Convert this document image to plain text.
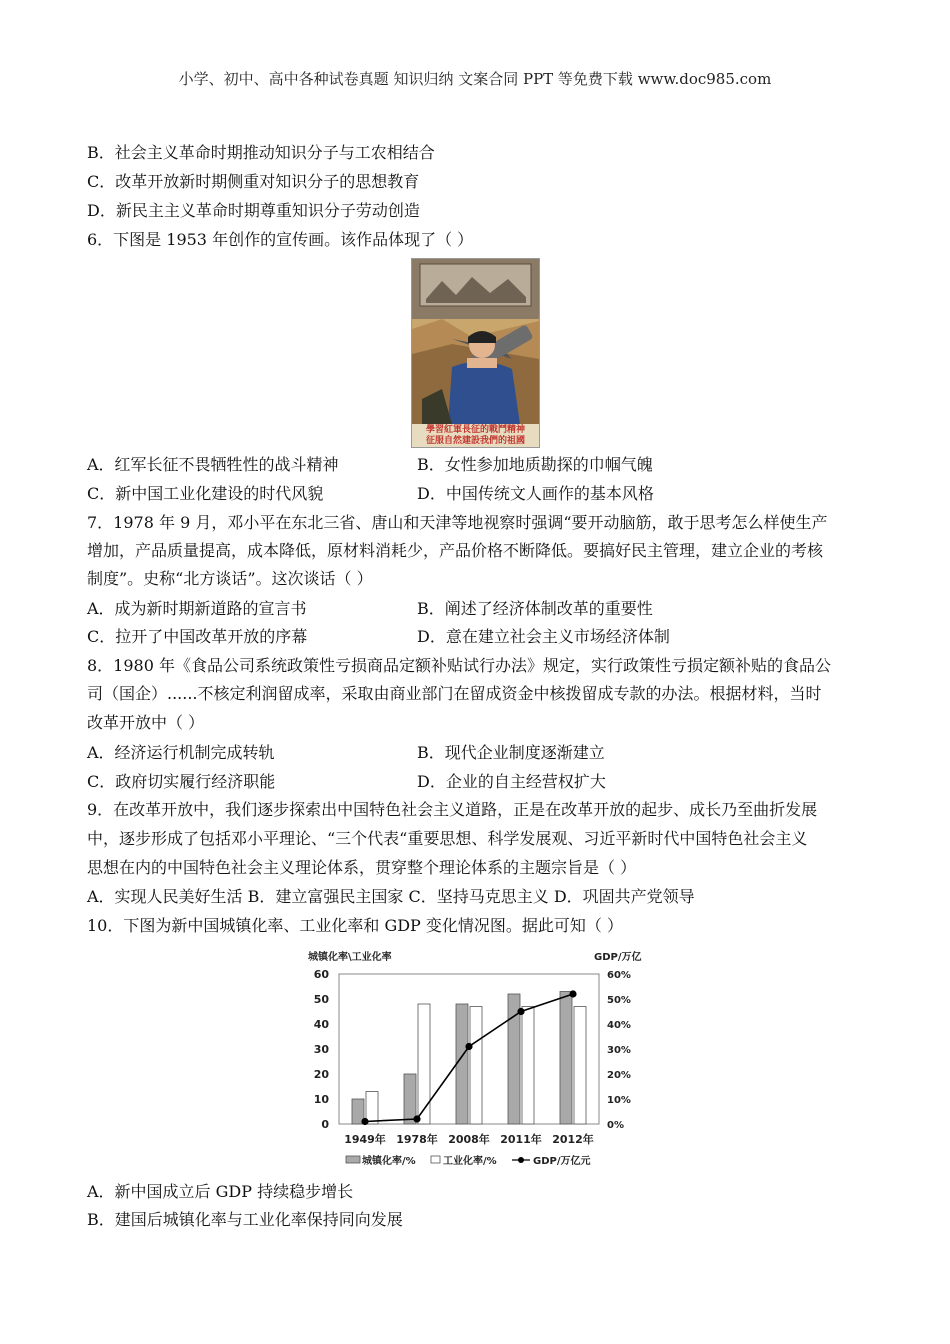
小学、初中、高中各种试卷真题 知识归纳 文案合同 PPT 等免费下载 www.doc985.com
B．社会主义革命时期推动知识分子与工农相结合
C．改革开放新时期侧重对知识分子的思想教育
D．新民主主义革命时期尊重知识分子劳动创造
6．下图是 1953 年创作的宣传画。该作品体现了（ ）
學習紅軍長征的戰鬥精神
征服自然建設我們的祖國
A．红军长征不畏牺牲性的战斗精神	B．女性参加地质勘探的巾帼气魄
C．新中国工业化建设的时代风貌	D．中国传统文人画作的基本风格
7．1978 年 9 月，邓小平在东北三省、唐山和天津等地视察时强调“要开动脑筋，敢于思考怎么样使生产
增加，产品质量提高，成本降低，原材料消耗少，产品价格不断降低。要搞好民主管理，建立企业的考核
制度”。史称“北方谈话”。这次谈话（ ）
A．成为新时期新道路的宣言书	B．阐述了经济体制改革的重要性
C．拉开了中国改革开放的序幕	D．意在建立社会主义市场经济体制
8．1980 年《食品公司系统政策性亏损商品定额补贴试行办法》规定，实行政策性亏损定额补贴的食品公
司（国企）......不核定利润留成率，采取由商业部门在留成资金中核拨留成专款的办法。根据材料，当时
改革开放中（ ）
A．经济运行机制完成转轨	B．现代企业制度逐渐建立
C．政府切实履行经济职能	D．企业的自主经营权扩大
9．在改革开放中，我们逐步探索出中国特色社会主义道路，正是在改革开放的起步、成长乃至曲折发展
中，逐步形成了包括邓小平理论、“三个代表“重要思想、科学发展观、习近平新时代中国特色社会主义
思想在内的中国特色社会主义理论体系，贯穿整个理论体系的主题宗旨是（ ）
A．实现人民美好生活 B．建立富强民主国家 C．坚持马克思主义 D．巩固共产党领导
10．下图为新中国城镇化率、工业化率和 GDP 变化情况图。据此可知（ ）
城镇化率\工业化率	GDP/万亿
0
10
20
30
40
50
60
0%
10%
20%
30%
40%
50%
60%
1949年 1978年 2008年 2011年 2012年
城镇化率/%	工业化率/%	GDP/万亿元
A．新中国成立后 GDP 持续稳步增长
B．建国后城镇化率与工业化率保持同向发展
